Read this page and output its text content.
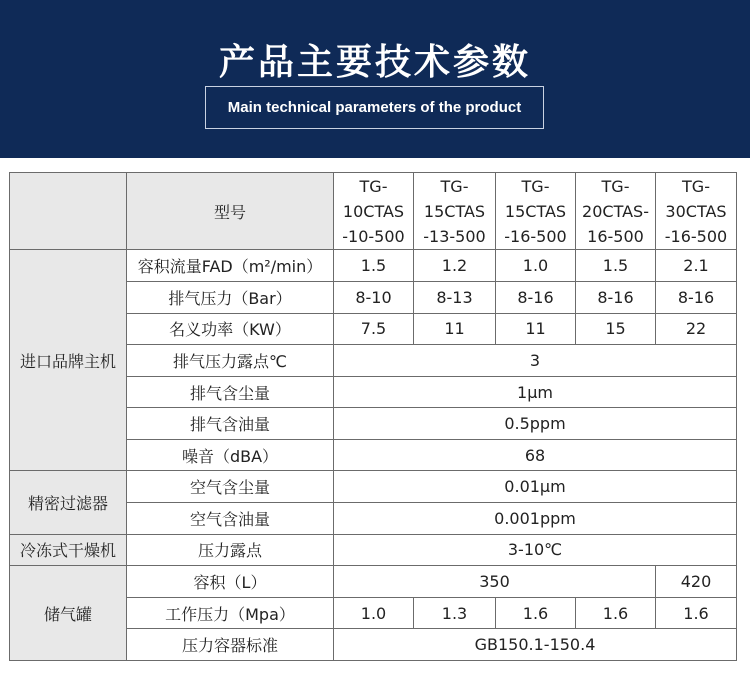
产品主要技术参数
Main technical parameters of the product
	型号	TG-
10CTAS
-10-500	TG-
15CTAS
-13-500	TG-
15CTAS
-16-500	TG-
20CTAS-
16-500	TG-
30CTAS
-16-500

进口品牌主机	容积流量FAD（m²/min）	1.5	1.2	1.0	1.5	2.1
	排气压力（Bar）	8-10	8-13	8-16	8-16	8-16
	名义功率（KW）	7.5	11	11	15	22
	排气压力露点℃	3				
	排气含尘量	1μm				
	排气含油量	0.5ppm				
	噪音（dBA）	68				
精密过滤器	空气含尘量	0.01μm				
	空气含油量	0.001ppm				
冷冻式干燥机	压力露点	3-10℃				
储气罐	容积（L）	350				420
	工作压力（Mpa）	1.0	1.3	1.6	1.6	1.6
	压力容器标准	GB150.1-150.4				
